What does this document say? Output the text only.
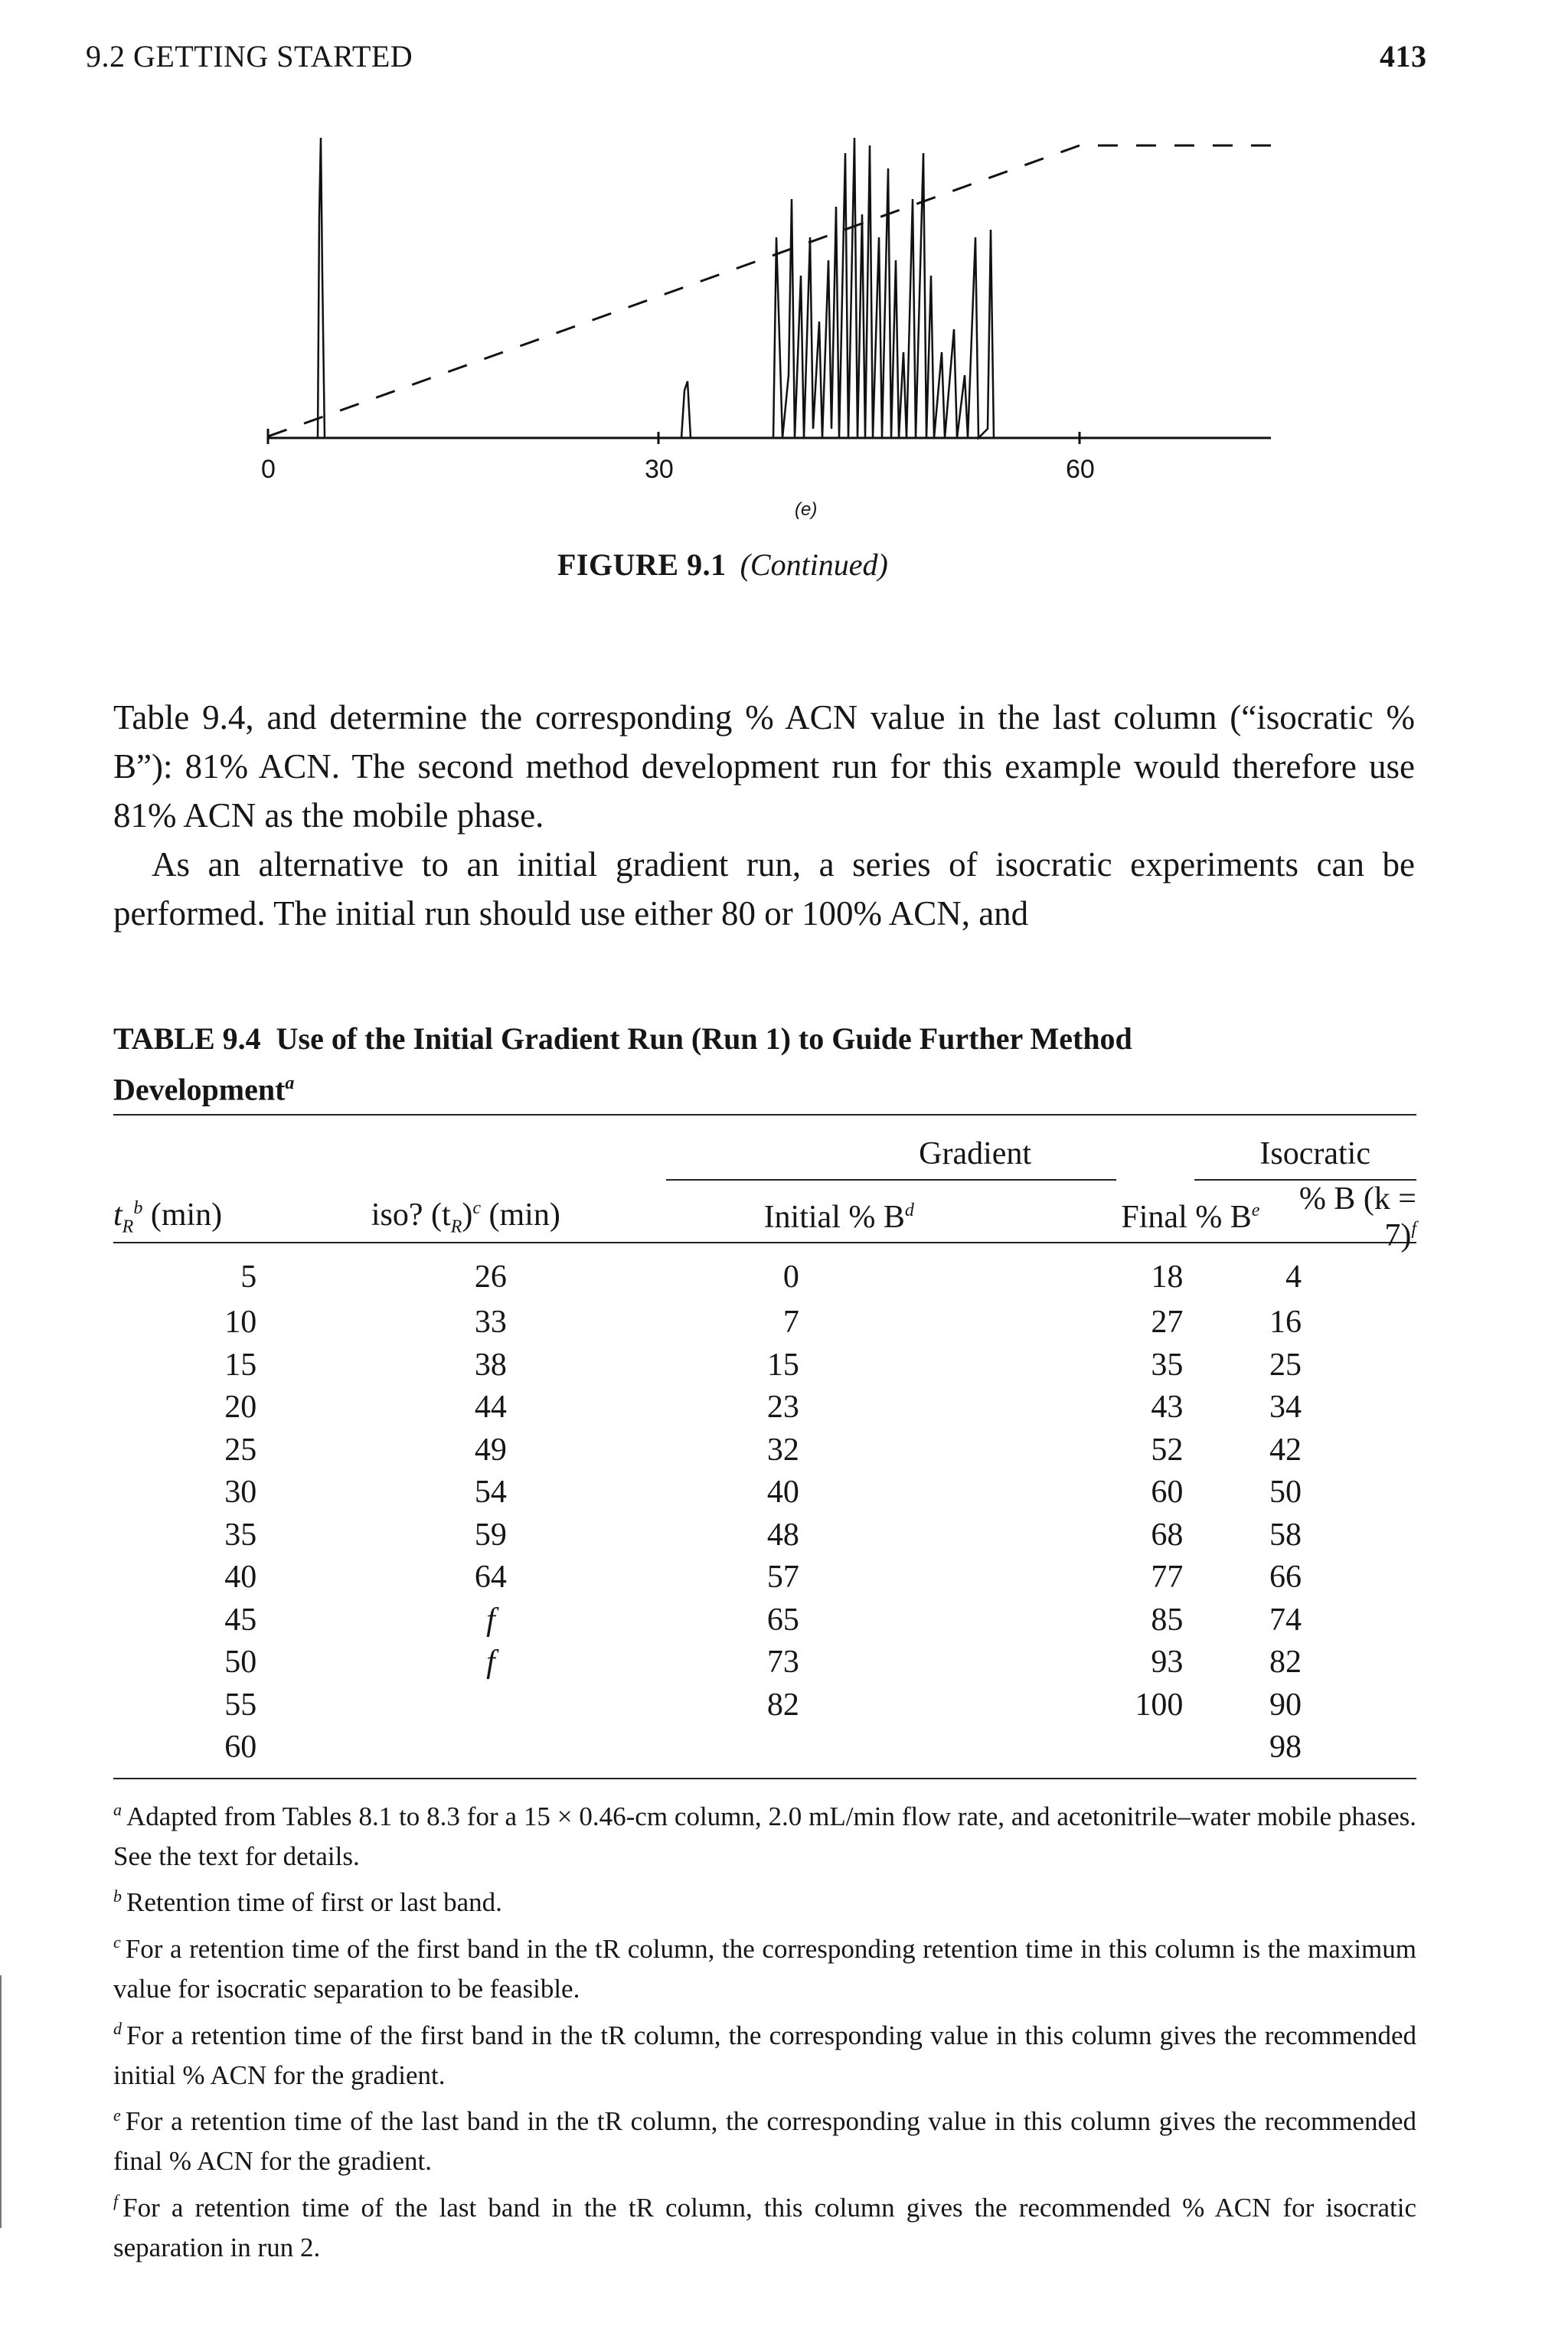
9.2 GETTING STARTED	413
0	30	60
(e)
FIGURE 9.1 (Continued)

Table 9.4, and determine the corresponding % ACN value in the last column (“isocratic % B”): 81% ACN. The second method development run for this example would therefore use 81% ACN as the mobile phase.

As an alternative to an initial gradient run, a series of isocratic experiments can be performed. The initial run should use either 80 or 100% ACN, and

TABLE 9.4 Use of the Initial Gradient Run (Run 1) to Guide Further Method Development$^a$
		Gradient		Isocratic
$t_R^b$ (min)	iso? $(t_R)^c$ (min)	Initial % $B^d$	Final % $B^e$	% B (k = 7)$^f$
5	26	0	18	4
10	33	7	27	16
15	38	15	35	25
20	44	23	43	34
25	49	32	52	42
30	54	40	60	50
35	59	48	68	58
40	64	57	77	66
45	f	65	85	74
50	f	73	93	82
55		82	100	90
60				98

$^a$ Adapted from Tables 8.1 to 8.3 for a 15 × 0.46-cm column, 2.0 mL/min flow rate, and acetonitrile–water mobile phases. See the text for details.

$^b$ Retention time of first or last band.

$^c$ For a retention time of the first band in the tR column, the corresponding retention time in this column is the maximum value for isocratic separation to be feasible.

$^d$ For a retention time of the first band in the tR column, the corresponding value in this column gives the recommended initial % ACN for the gradient.

$^e$ For a retention time of the last band in the tR column, the corresponding value in this column gives the recommended final % ACN for the gradient.

$^f$ For a retention time of the last band in the tR column, this column gives the recommended % ACN for isocratic separation in run 2.
